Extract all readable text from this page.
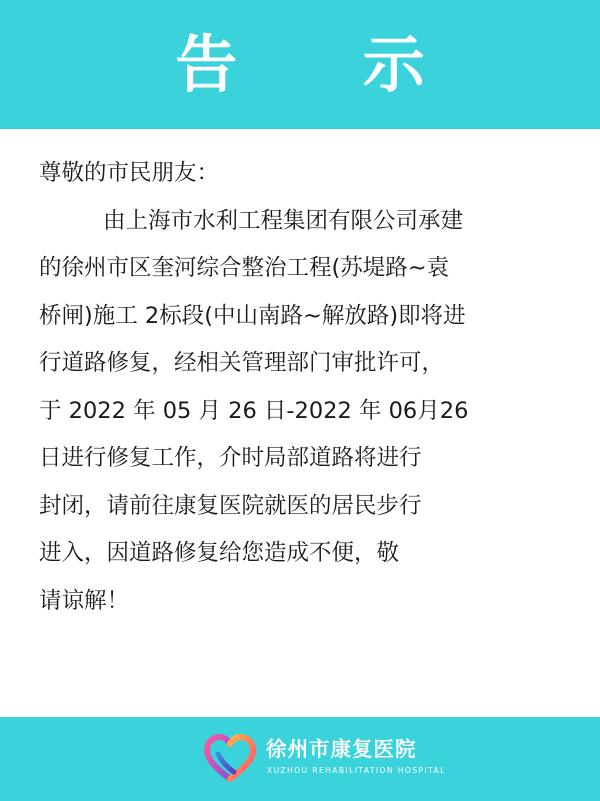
告 示

尊敬的市民朋友：

由上海市水利工程集团有限公司承建

的徐州市区奎河综合整治工程(苏堤路~袁

桥闸)施工 2标段(中山南路~解放路)即将进

行道路修复，经相关管理部门审批许可，

于 2022 年 05 月 26 日-2022 年 06月26

日进行修复工作，介时局部道路将进行

封闭，请前往康复医院就医的居民步行

进入，因道路修复给您造成不便，敬

请谅解！

徐州市康复医院
XUZHOU REHABILITATION HOSPITAL
